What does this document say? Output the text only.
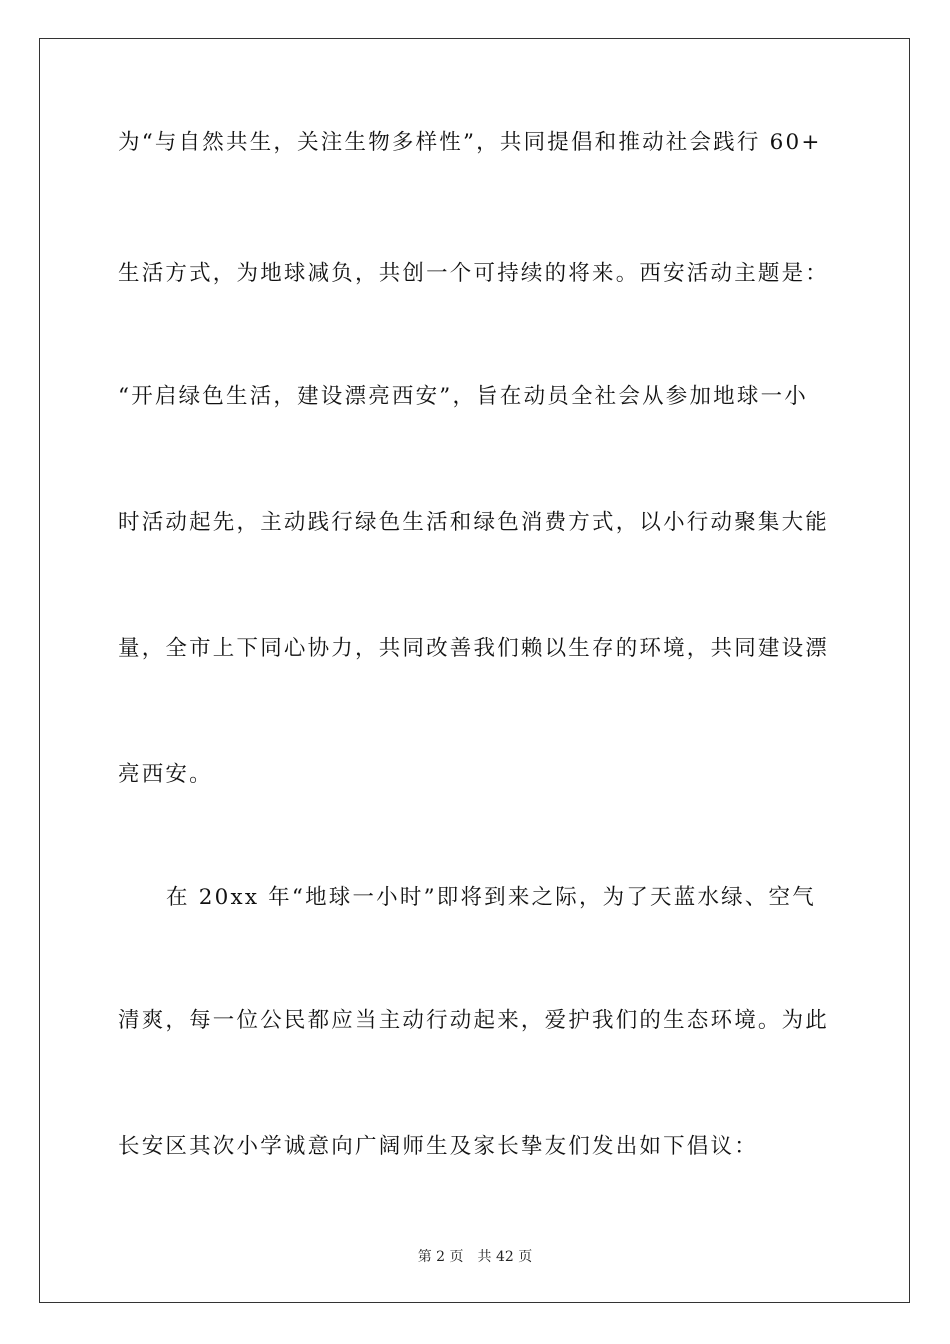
为“与自然共生，关注生物多样性”，共同提倡和推动社会践行 60+
生活方式，为地球减负，共创一个可持续的将来。西安活动主题是：
“开启绿色生活，建设漂亮西安”，旨在动员全社会从参加地球一小
时活动起先，主动践行绿色生活和绿色消费方式，以小行动聚集大能
量，全市上下同心协力，共同改善我们赖以生存的环境，共同建设漂
亮西安。
在 20xx 年“地球一小时”即将到来之际，为了天蓝水绿、空气
清爽，每一位公民都应当主动行动起来，爱护我们的生态环境。为此
长安区其次小学诚意向广阔师生及家长挚友们发出如下倡议：
第 2 页 共 42 页
